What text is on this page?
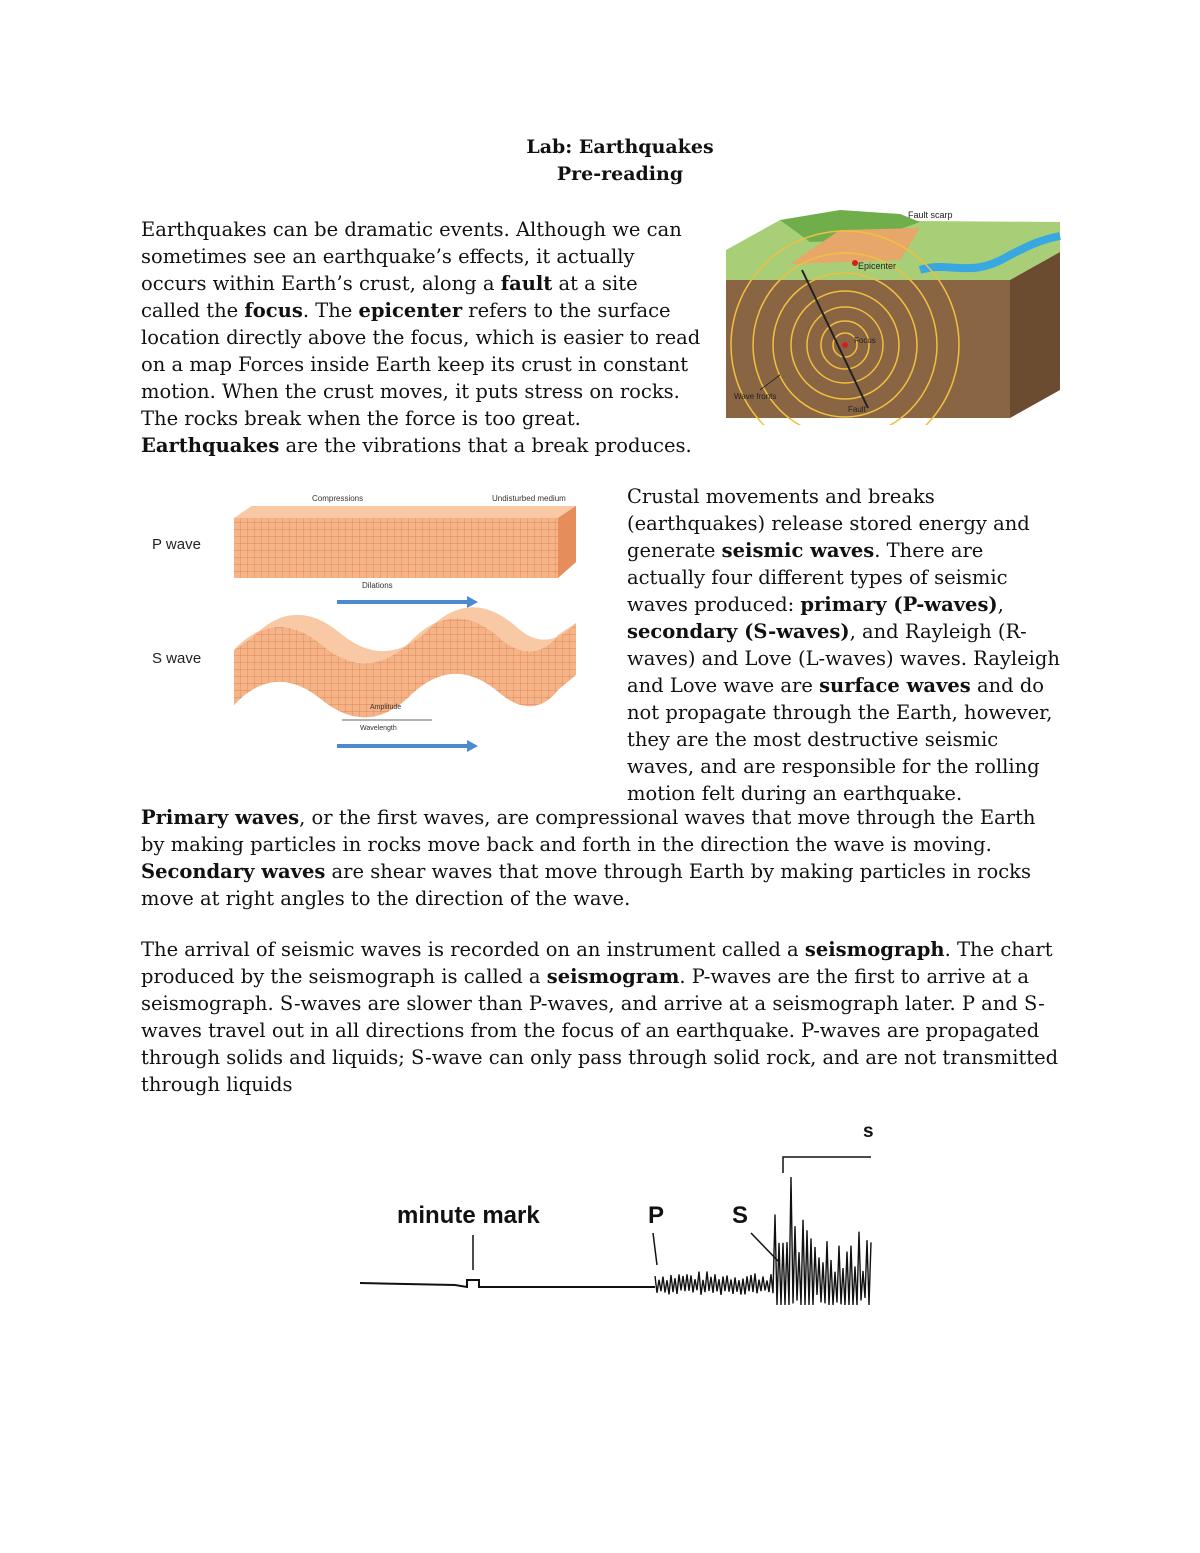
Lab: Earthquakes
Pre-reading

Earthquakes can be dramatic events. Although we can sometimes see an earthquake’s effects, it actually occurs within Earth’s crust, along a fault at a site called the focus. The epicenter refers to the surface location directly above the focus, which is easier to read on a map Forces inside Earth keep its crust in constant motion. When the crust moves, it puts stress on rocks. The rocks break when the force is too great. Earthquakes are the vibrations that a break produces.

Fault scarp
Epicenter
Focus
Wave fronts
Fault
P wave
S wave
Compressions	Undisturbed medium
Dilations
Amplitude
Wavelength

Crustal movements and breaks (earthquakes) release stored energy and generate seismic waves. There are actually four different types of seismic waves produced: primary (P-waves), secondary (S-waves), and Rayleigh (R-waves) and Love (L-waves) waves. Rayleigh and Love wave are surface waves and do not propagate through the Earth, however, they are the most destructive seismic waves, and are responsible for the rolling motion felt during an earthquake.

Primary waves, or the first waves, are compressional waves that move through the Earth by making particles in rocks move back and forth in the direction the wave is moving. Secondary waves are shear waves that move through Earth by making particles in rocks move at right angles to the direction of the wave.

The arrival of seismic waves is recorded on an instrument called a seismograph. The chart produced by the seismograph is called a seismogram. P-waves are the first to arrive at a seismograph. S-waves are slower than P-waves, and arrive at a seismograph later. P and S-waves travel out in all directions from the focus of an earthquake. P-waves are propagated through solids and liquids; S-wave can only pass through solid rock, and are not transmitted through liquids

s
minute mark	P	S
